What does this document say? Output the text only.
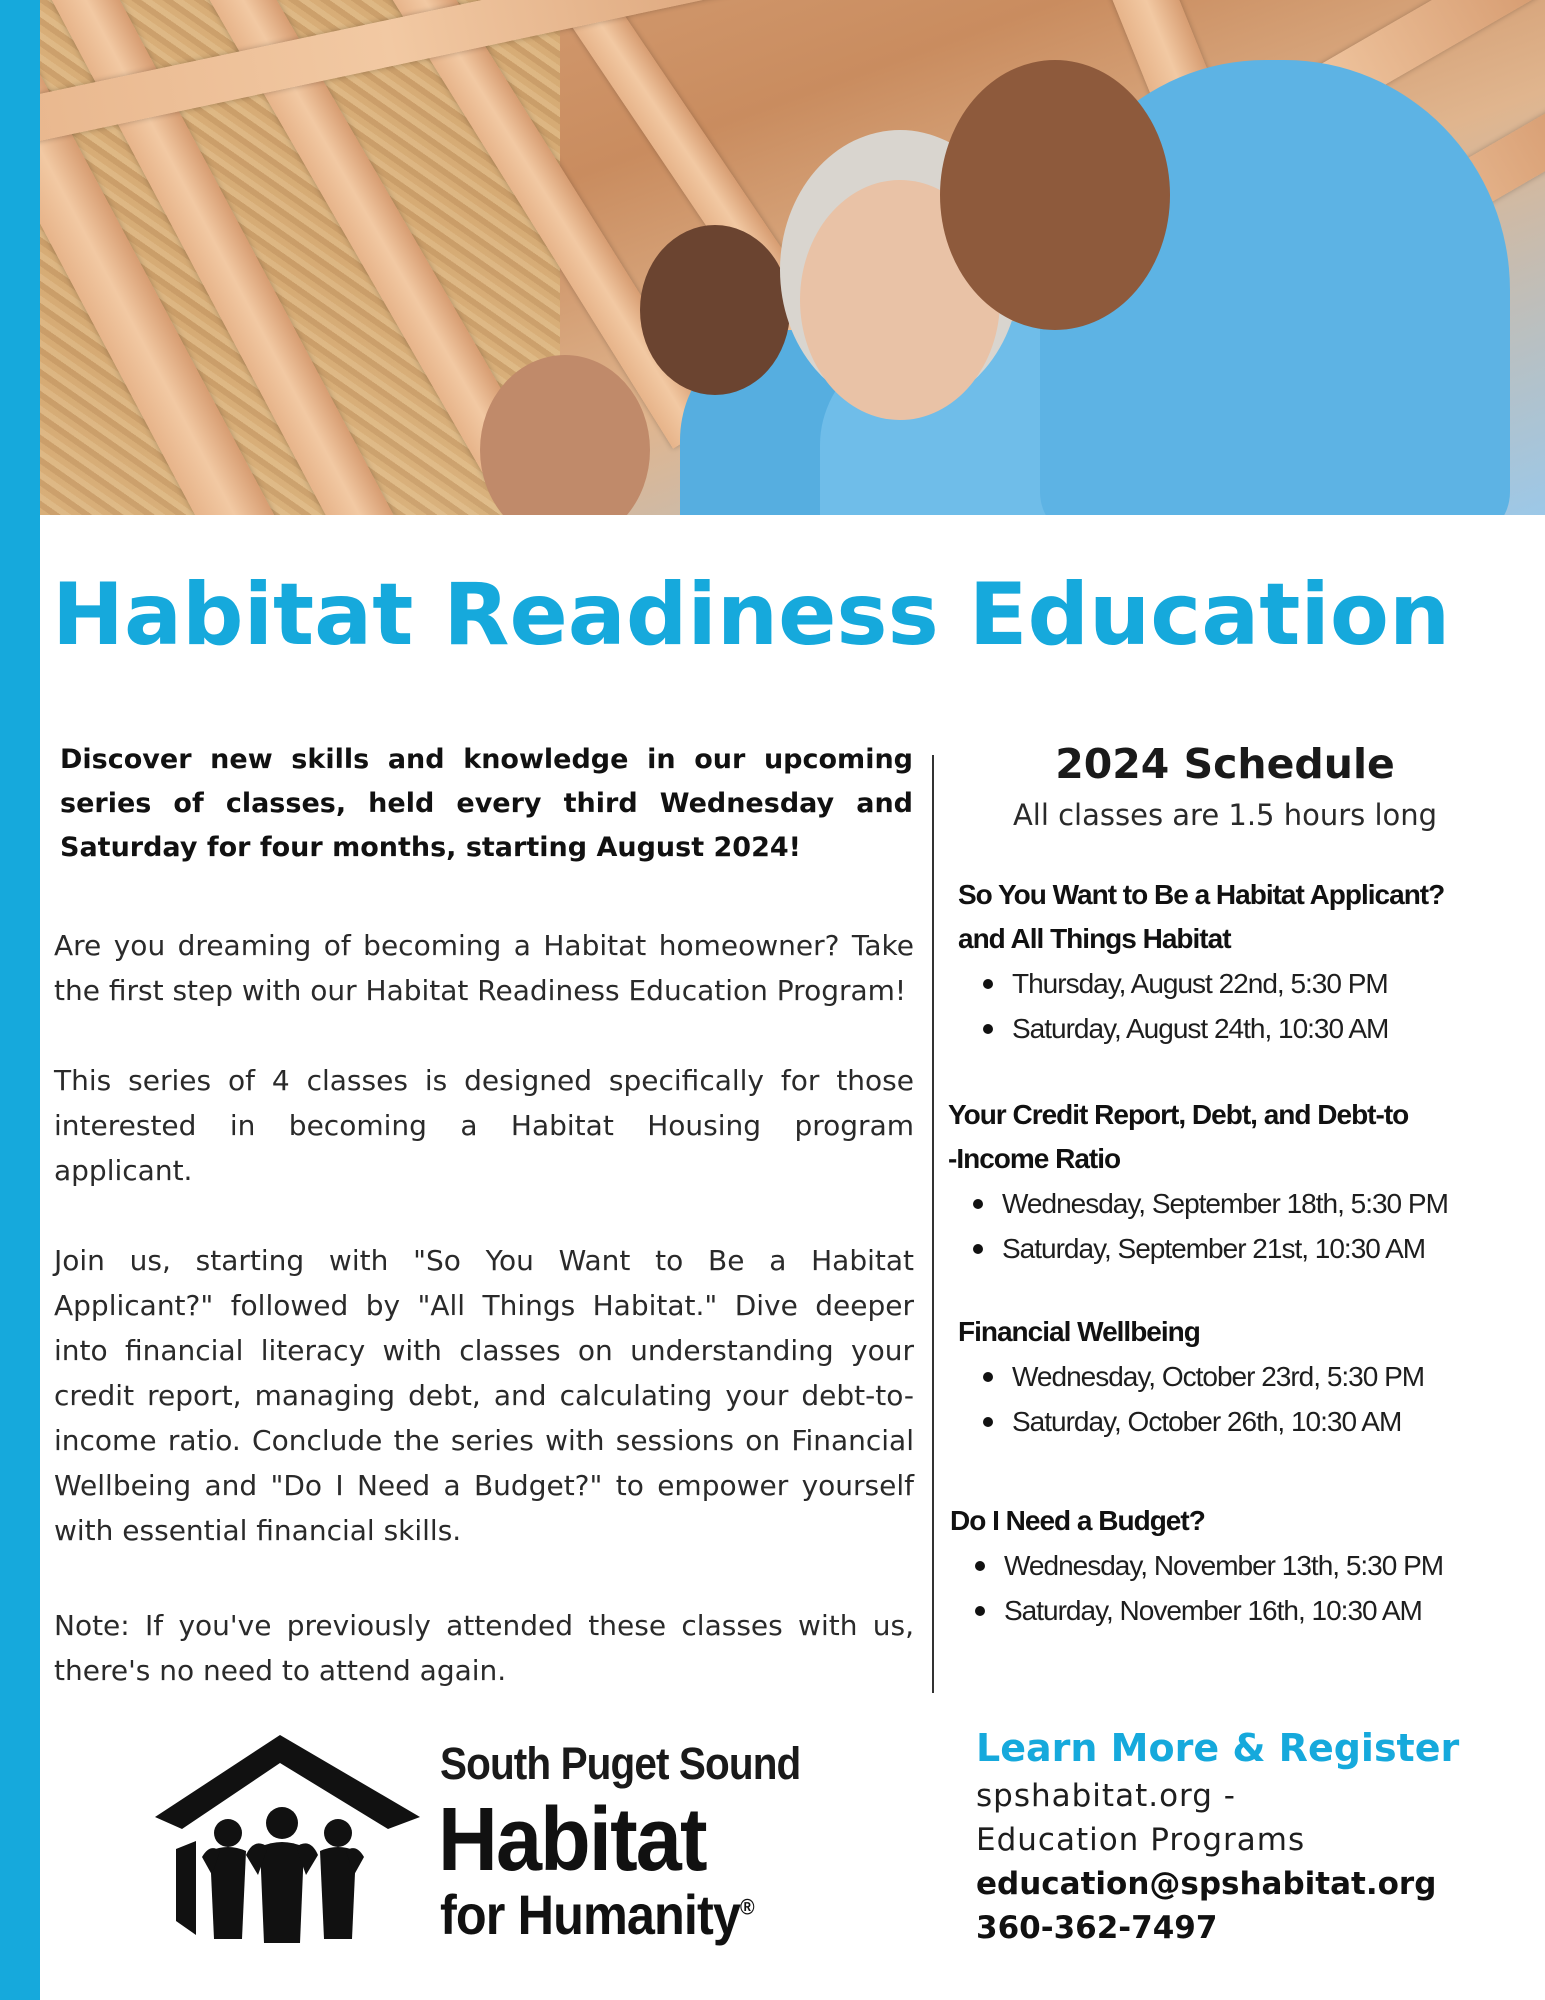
Habitat Readiness Education

Discover new skills and knowledge in our upcoming series of classes, held every third Wednesday and Saturday for four months, starting August 2024!

Are you dreaming of becoming a Habitat homeowner? Take the first step with our Habitat Readiness Education Program!

This series of 4 classes is designed specifically for those interested in becoming a Habitat Housing program applicant.

Join us, starting with "So You Want to Be a Habitat Applicant?" followed by "All Things Habitat." Dive deeper into financial literacy with classes on understanding your credit report, managing debt, and calculating your debt-to-income ratio. Conclude the series with sessions on Financial Wellbeing and "Do I Need a Budget?" to empower yourself with essential financial skills.

Note: If you've previously attended these classes with us, there's no need to attend again.

2024 Schedule

All classes are 1.5 hours long

So You Want to Be a Habitat Applicant?

and All Things Habitat

Thursday, August 22nd, 5:30 PM
Saturday, August 24th, 10:30 AM

Your Credit Report, Debt, and Debt-to

-Income Ratio

Wednesday, September 18th, 5:30 PM
Saturday, September 21st, 10:30 AM

Financial Wellbeing

Wednesday, October 23rd, 5:30 PM
Saturday, October 26th, 10:30 AM

Do I Need a Budget?

Wednesday, November 13th, 5:30 PM
Saturday, November 16th, 10:30 AM

South Puget Sound

Habitat

for Humanity®

Learn More & Register

spshabitat.org -

Education Programs

education@spshabitat.org

360-362-7497
